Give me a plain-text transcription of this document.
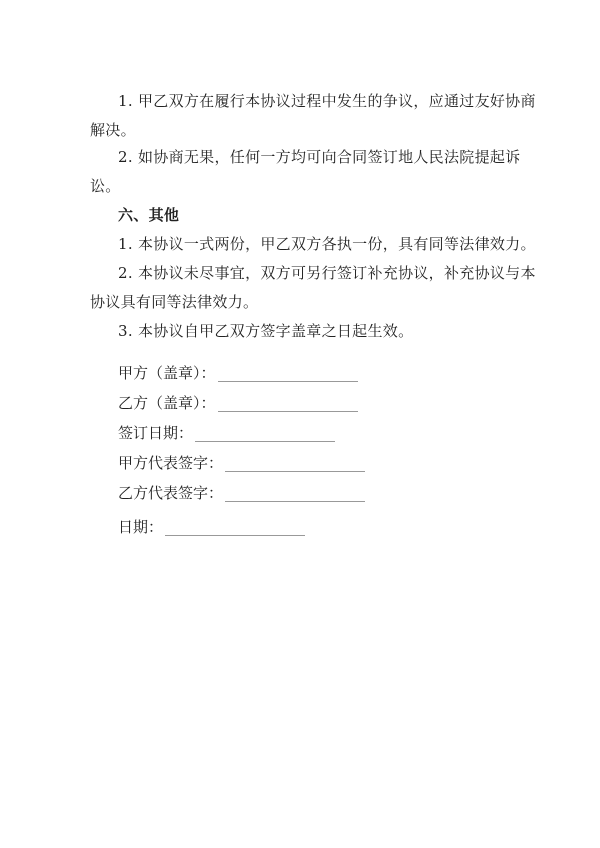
1. 甲乙双方在履行本协议过程中发生的争议，应通过友好协商
解决。
2. 如协商无果，任何一方均可向合同签订地人民法院提起诉
讼。
六、其他
1. 本协议一式两份，甲乙双方各执一份，具有同等法律效力。
2. 本协议未尽事宜，双方可另行签订补充协议，补充协议与本
协议具有同等法律效力。
3. 本协议自甲乙双方签字盖章之日起生效。
甲方（盖章）：
乙方（盖章）：
签订日期：
甲方代表签字：
乙方代表签字：
日期：
